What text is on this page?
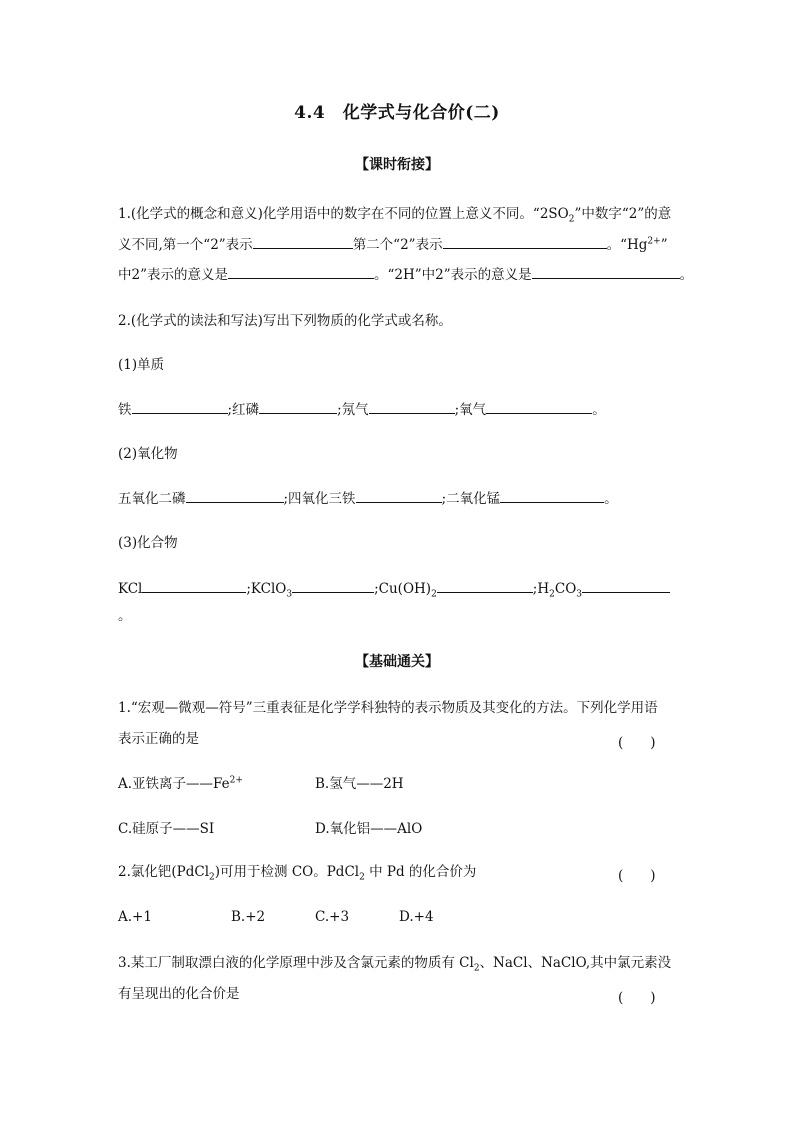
4.4　化学式与化合价(二)
【课时衔接】
1.(化学式的概念和意义)化学用语中的数字在不同的位置上意义不同。“$2SO_2$”中数字“2”的意
义不同,第一个“2”表示	第二个“2”表示	。“$Hg^{2+}$”
中2”表示的意义是	。“2H”中2”表示的意义是	。
2.(化学式的读法和写法)写出下列物质的化学式或名称。
(1)单质
铁	;红磷	;氖气	;氧气	。
(2)氧化物
五氧化二磷	;四氧化三铁	;二氧化锰	。
(3)化合物
KCl	;KClO$_3$	$;Cu(OH)_2$	$;H_2CO_3$
。
【基础通关】
1.“宏观—微观—符号”三重表征是化学学科独特的表示物质及其变化的方法。下列化学用语
表示正确的是	(　　)
A.亚铁离子$——Fe^{2+}$	B.氢气——2H
C.硅原子——SI	D.氧化铝——AlO
2.氯化钯(PdCl$_2$)可用于检测 CO。PdCl$_2$ 中 Pd 的化合价为	(　　)
A.+1	B.+2	C.+3	D.+4
3.某工厂制取漂白液的化学原理中涉及含氯元素的物质有 $Cl_2$、NaCl、NaClO,其中氯元素没
有呈现出的化合价是	(　　)
